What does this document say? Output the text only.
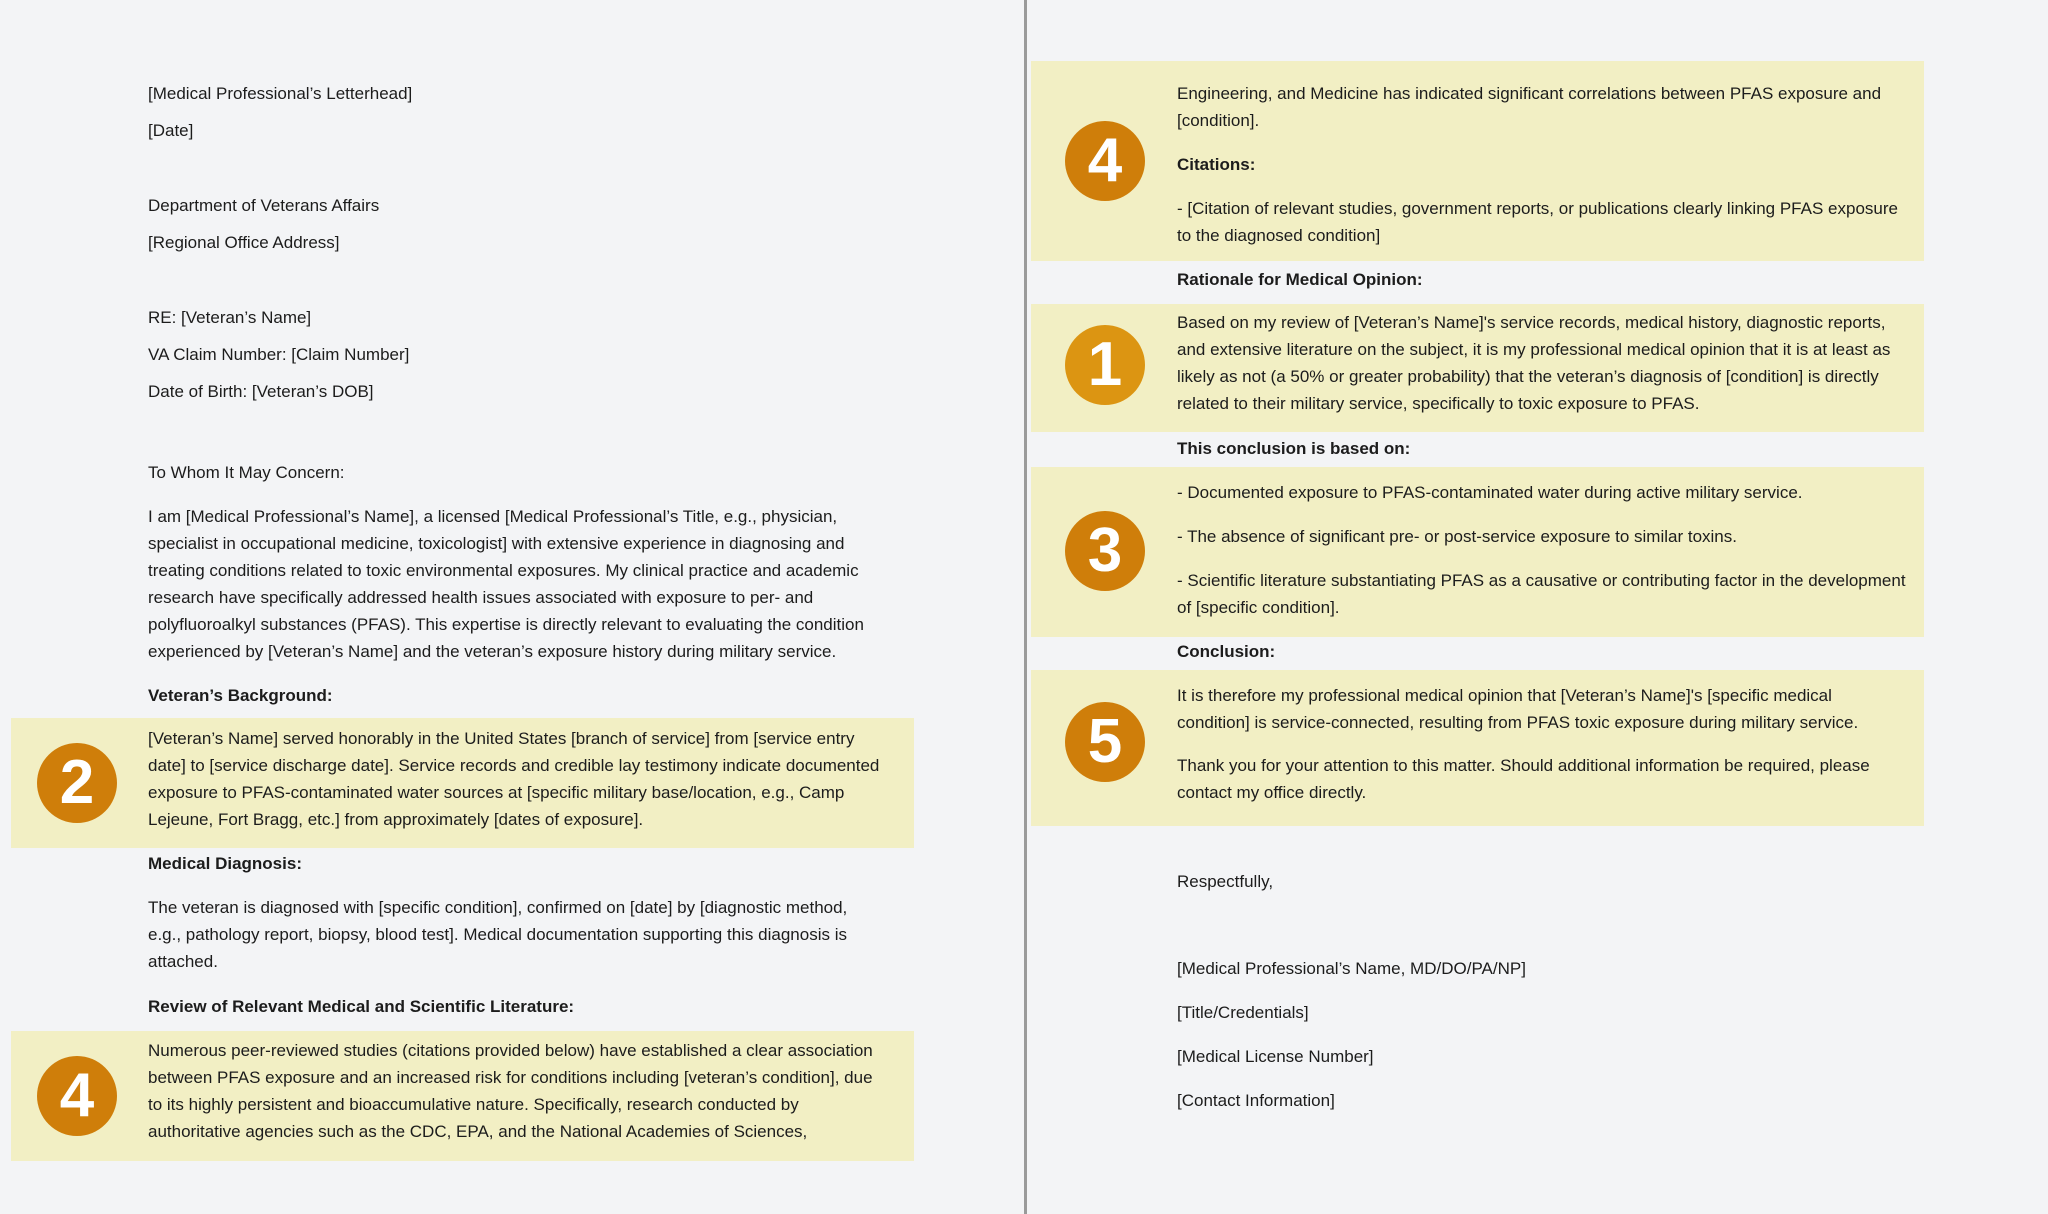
[Medical Professional’s Letterhead]

[Date]

Department of Veterans Affairs

[Regional Office Address]

RE: [Veteran’s Name]

VA Claim Number: [Claim Number]

Date of Birth: [Veteran’s DOB]

To Whom It May Concern:

I am [Medical Professional’s Name], a licensed [Medical Professional’s Title, e.g., physician, specialist in occupational medicine, toxicologist] with extensive experience in diagnosing and treating conditions related to toxic environmental exposures. My clinical practice and academic research have specifically addressed health issues associated with exposure to per- and polyfluoroalkyl substances (PFAS). This expertise is directly relevant to evaluating the condition experienced by [Veteran’s Name] and the veteran’s exposure history during military service.

Veteran’s Background:

2

[Veteran’s Name] served honorably in the United States [branch of service] from [service entry date] to [service discharge date]. Service records and credible lay testimony indicate documented exposure to PFAS-contaminated water sources at [specific military base/location, e.g., Camp Lejeune, Fort Bragg, etc.] from approximately [dates of exposure].

Medical Diagnosis:

The veteran is diagnosed with [specific condition], confirmed on [date] by [diagnostic method, e.g., pathology report, biopsy, blood test]. Medical documentation supporting this diagnosis is attached.

Review of Relevant Medical and Scientific Literature:

4

Numerous peer-reviewed studies (citations provided below) have established a clear association between PFAS exposure and an increased risk for conditions including [veteran’s condition], due to its highly persistent and bioaccumulative nature. Specifically, research conducted by authoritative agencies such as the CDC, EPA, and the National Academies of Sciences,

4

Engineering, and Medicine has indicated significant correlations between PFAS exposure and [condition].

Citations:

- [Citation of relevant studies, government reports, or publications clearly linking PFAS exposure to the diagnosed condition]

Rationale for Medical Opinion:

1

Based on my review of [Veteran’s Name]'s service records, medical history, diagnostic reports, and extensive literature on the subject, it is my professional medical opinion that it is at least as likely as not (a 50% or greater probability) that the veteran’s diagnosis of [condition] is directly related to their military service, specifically to toxic exposure to PFAS.

This conclusion is based on:

3

- Documented exposure to PFAS-contaminated water during active military service.

- The absence of significant pre- or post-service exposure to similar toxins.

- Scientific literature substantiating PFAS as a causative or contributing factor in the development of [specific condition].

Conclusion:

5

It is therefore my professional medical opinion that [Veteran’s Name]'s [specific medical condition] is service-connected, resulting from PFAS toxic exposure during military service.

Thank you for your attention to this matter. Should additional information be required, please contact my office directly.

Respectfully,

[Medical Professional’s Name, MD/DO/PA/NP]

[Title/Credentials]

[Medical License Number]

[Contact Information]
